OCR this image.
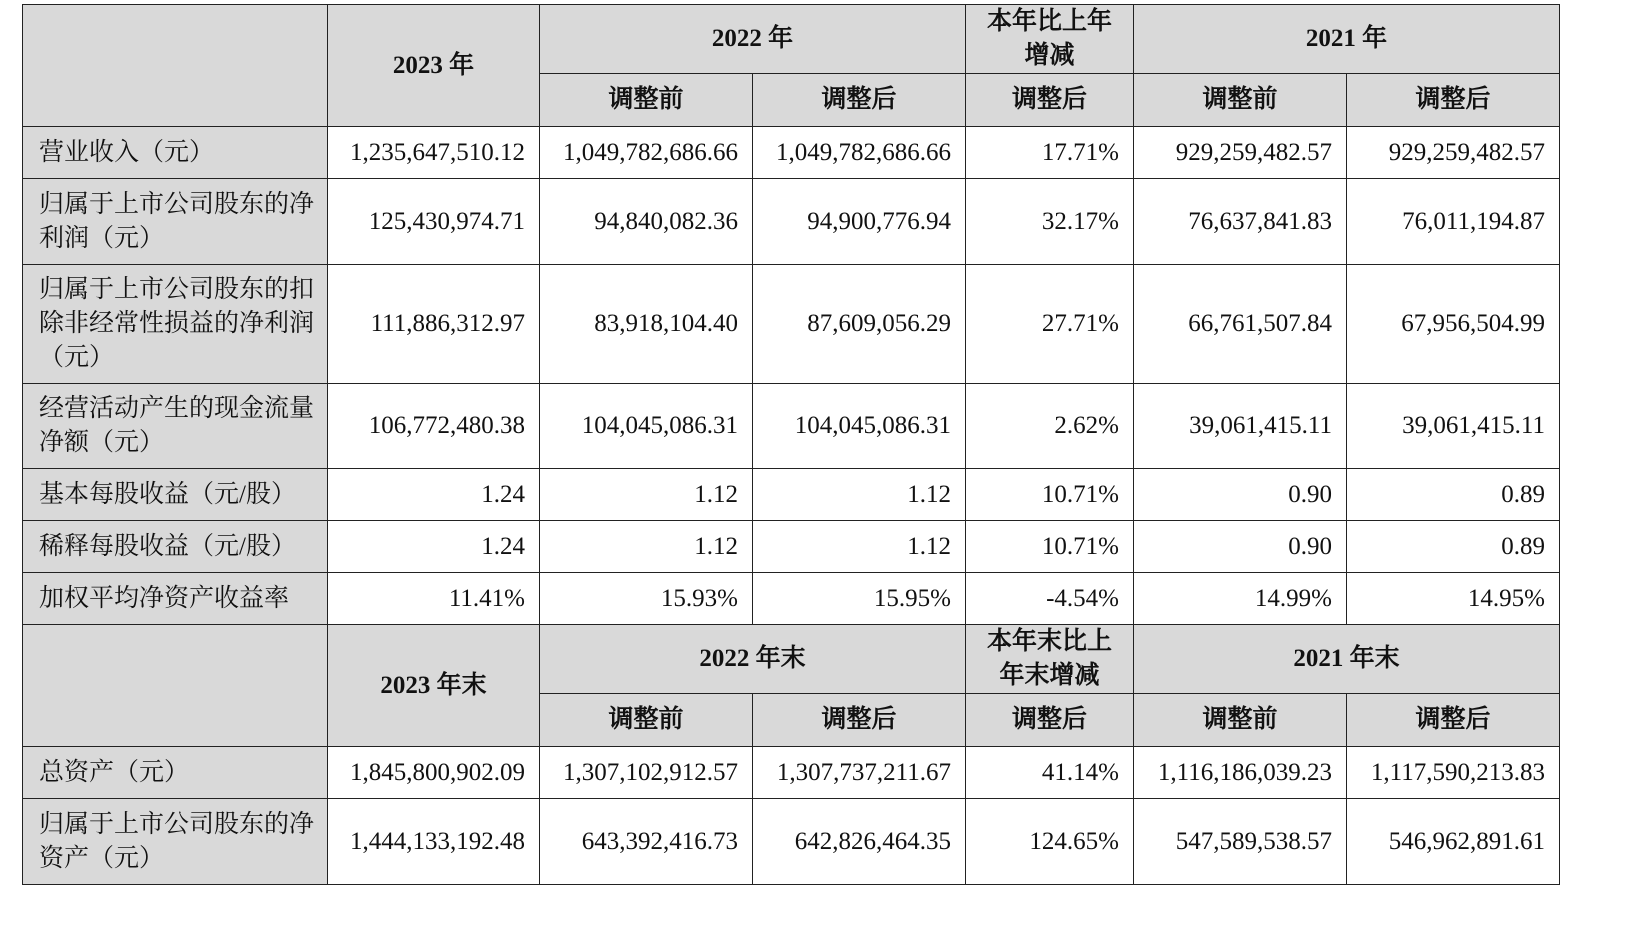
	2023 年	2022 年		本年比上年增减	2021 年	
		调整前	调整后	调整后	调整前	调整后
营业收入（元）	1,235,647,510.12	1,049,782,686.66	1,049,782,686.66	17.71%	929,259,482.57	929,259,482.57
归属于上市公司股东的净利润（元）	125,430,974.71	94,840,082.36	94,900,776.94	32.17%	76,637,841.83	76,011,194.87
归属于上市公司股东的扣除非经常性损益的净利润（元）	111,886,312.97	83,918,104.40	87,609,056.29	27.71%	66,761,507.84	67,956,504.99
经营活动产生的现金流量净额（元）	106,772,480.38	104,045,086.31	104,045,086.31	2.62%	39,061,415.11	39,061,415.11
基本每股收益（元/股）	1.24	1.12	1.12	10.71%	0.90	0.89
稀释每股收益（元/股）	1.24	1.12	1.12	10.71%	0.90	0.89
加权平均净资产收益率	11.41%	15.93%	15.95%	-4.54%	14.99%	14.95%
	2023 年末	2022 年末		本年末比上年末增减	2021 年末	
		调整前	调整后	调整后	调整前	调整后
总资产（元）	1,845,800,902.09	1,307,102,912.57	1,307,737,211.67	41.14%	1,116,186,039.23	1,117,590,213.83
归属于上市公司股东的净资产（元）	1,444,133,192.48	643,392,416.73	642,826,464.35	124.65%	547,589,538.57	546,962,891.61
